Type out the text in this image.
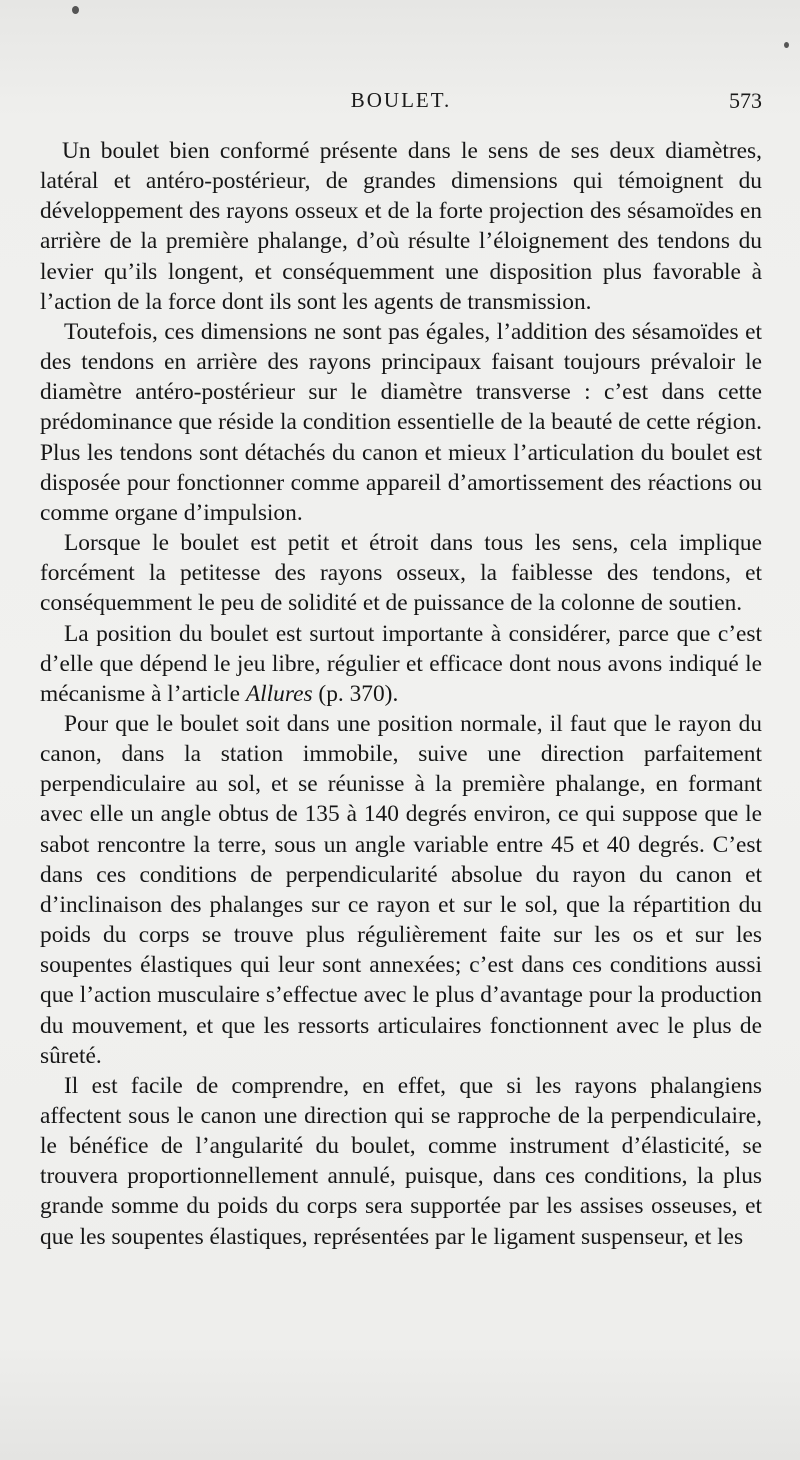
BOULET.	573

Un boulet bien conformé présente dans le sens de ses deux diamètres, latéral et antéro-postérieur, de grandes dimensions qui témoignent du développement des rayons osseux et de la forte projection des sésamoïdes en arrière de la première phalange, d’où résulte l’éloignement des tendons du levier qu’ils longent, et conséquemment une disposition plus favorable à l’action de la force dont ils sont les agents de transmission.

Toutefois, ces dimensions ne sont pas égales, l’addition des sésamoïdes et des tendons en arrière des rayons principaux faisant toujours prévaloir le diamètre antéro-postérieur sur le diamètre transverse : c’est dans cette prédominance que réside la condition essentielle de la beauté de cette région. Plus les tendons sont détachés du canon et mieux l’articulation du boulet est disposée pour fonctionner comme appareil d’amortissement des réactions ou comme organe d’impulsion.

Lorsque le boulet est petit et étroit dans tous les sens, cela implique forcément la petitesse des rayons osseux, la faiblesse des tendons, et conséquemment le peu de solidité et de puissance de la colonne de soutien.

La position du boulet est surtout importante à considérer, parce que c’est d’elle que dépend le jeu libre, régulier et efficace dont nous avons indiqué le mécanisme à l’article Allures (p. 370).

Pour que le boulet soit dans une position normale, il faut que le rayon du canon, dans la station immobile, suive une direction parfaitement perpendiculaire au sol, et se réunisse à la première phalange, en formant avec elle un angle obtus de 135 à 140 degrés environ, ce qui suppose que le sabot rencontre la terre, sous un angle variable entre 45 et 40 degrés. C’est dans ces conditions de perpendicularité absolue du rayon du canon et d’inclinaison des phalanges sur ce rayon et sur le sol, que la répartition du poids du corps se trouve plus régulièrement faite sur les os et sur les soupentes élastiques qui leur sont annexées; c’est dans ces conditions aussi que l’action musculaire s’effectue avec le plus d’avantage pour la production du mouvement, et que les ressorts articulaires fonctionnent avec le plus de sûreté.

Il est facile de comprendre, en effet, que si les rayons phalangiens affectent sous le canon une direction qui se rapproche de la perpendiculaire, le bénéfice de l’angularité du boulet, comme instrument d’élasticité, se trouvera proportionnellement annulé, puisque, dans ces conditions, la plus grande somme du poids du corps sera supportée par les assises osseuses, et que les soupentes élastiques, représentées par le ligament suspenseur, et les
